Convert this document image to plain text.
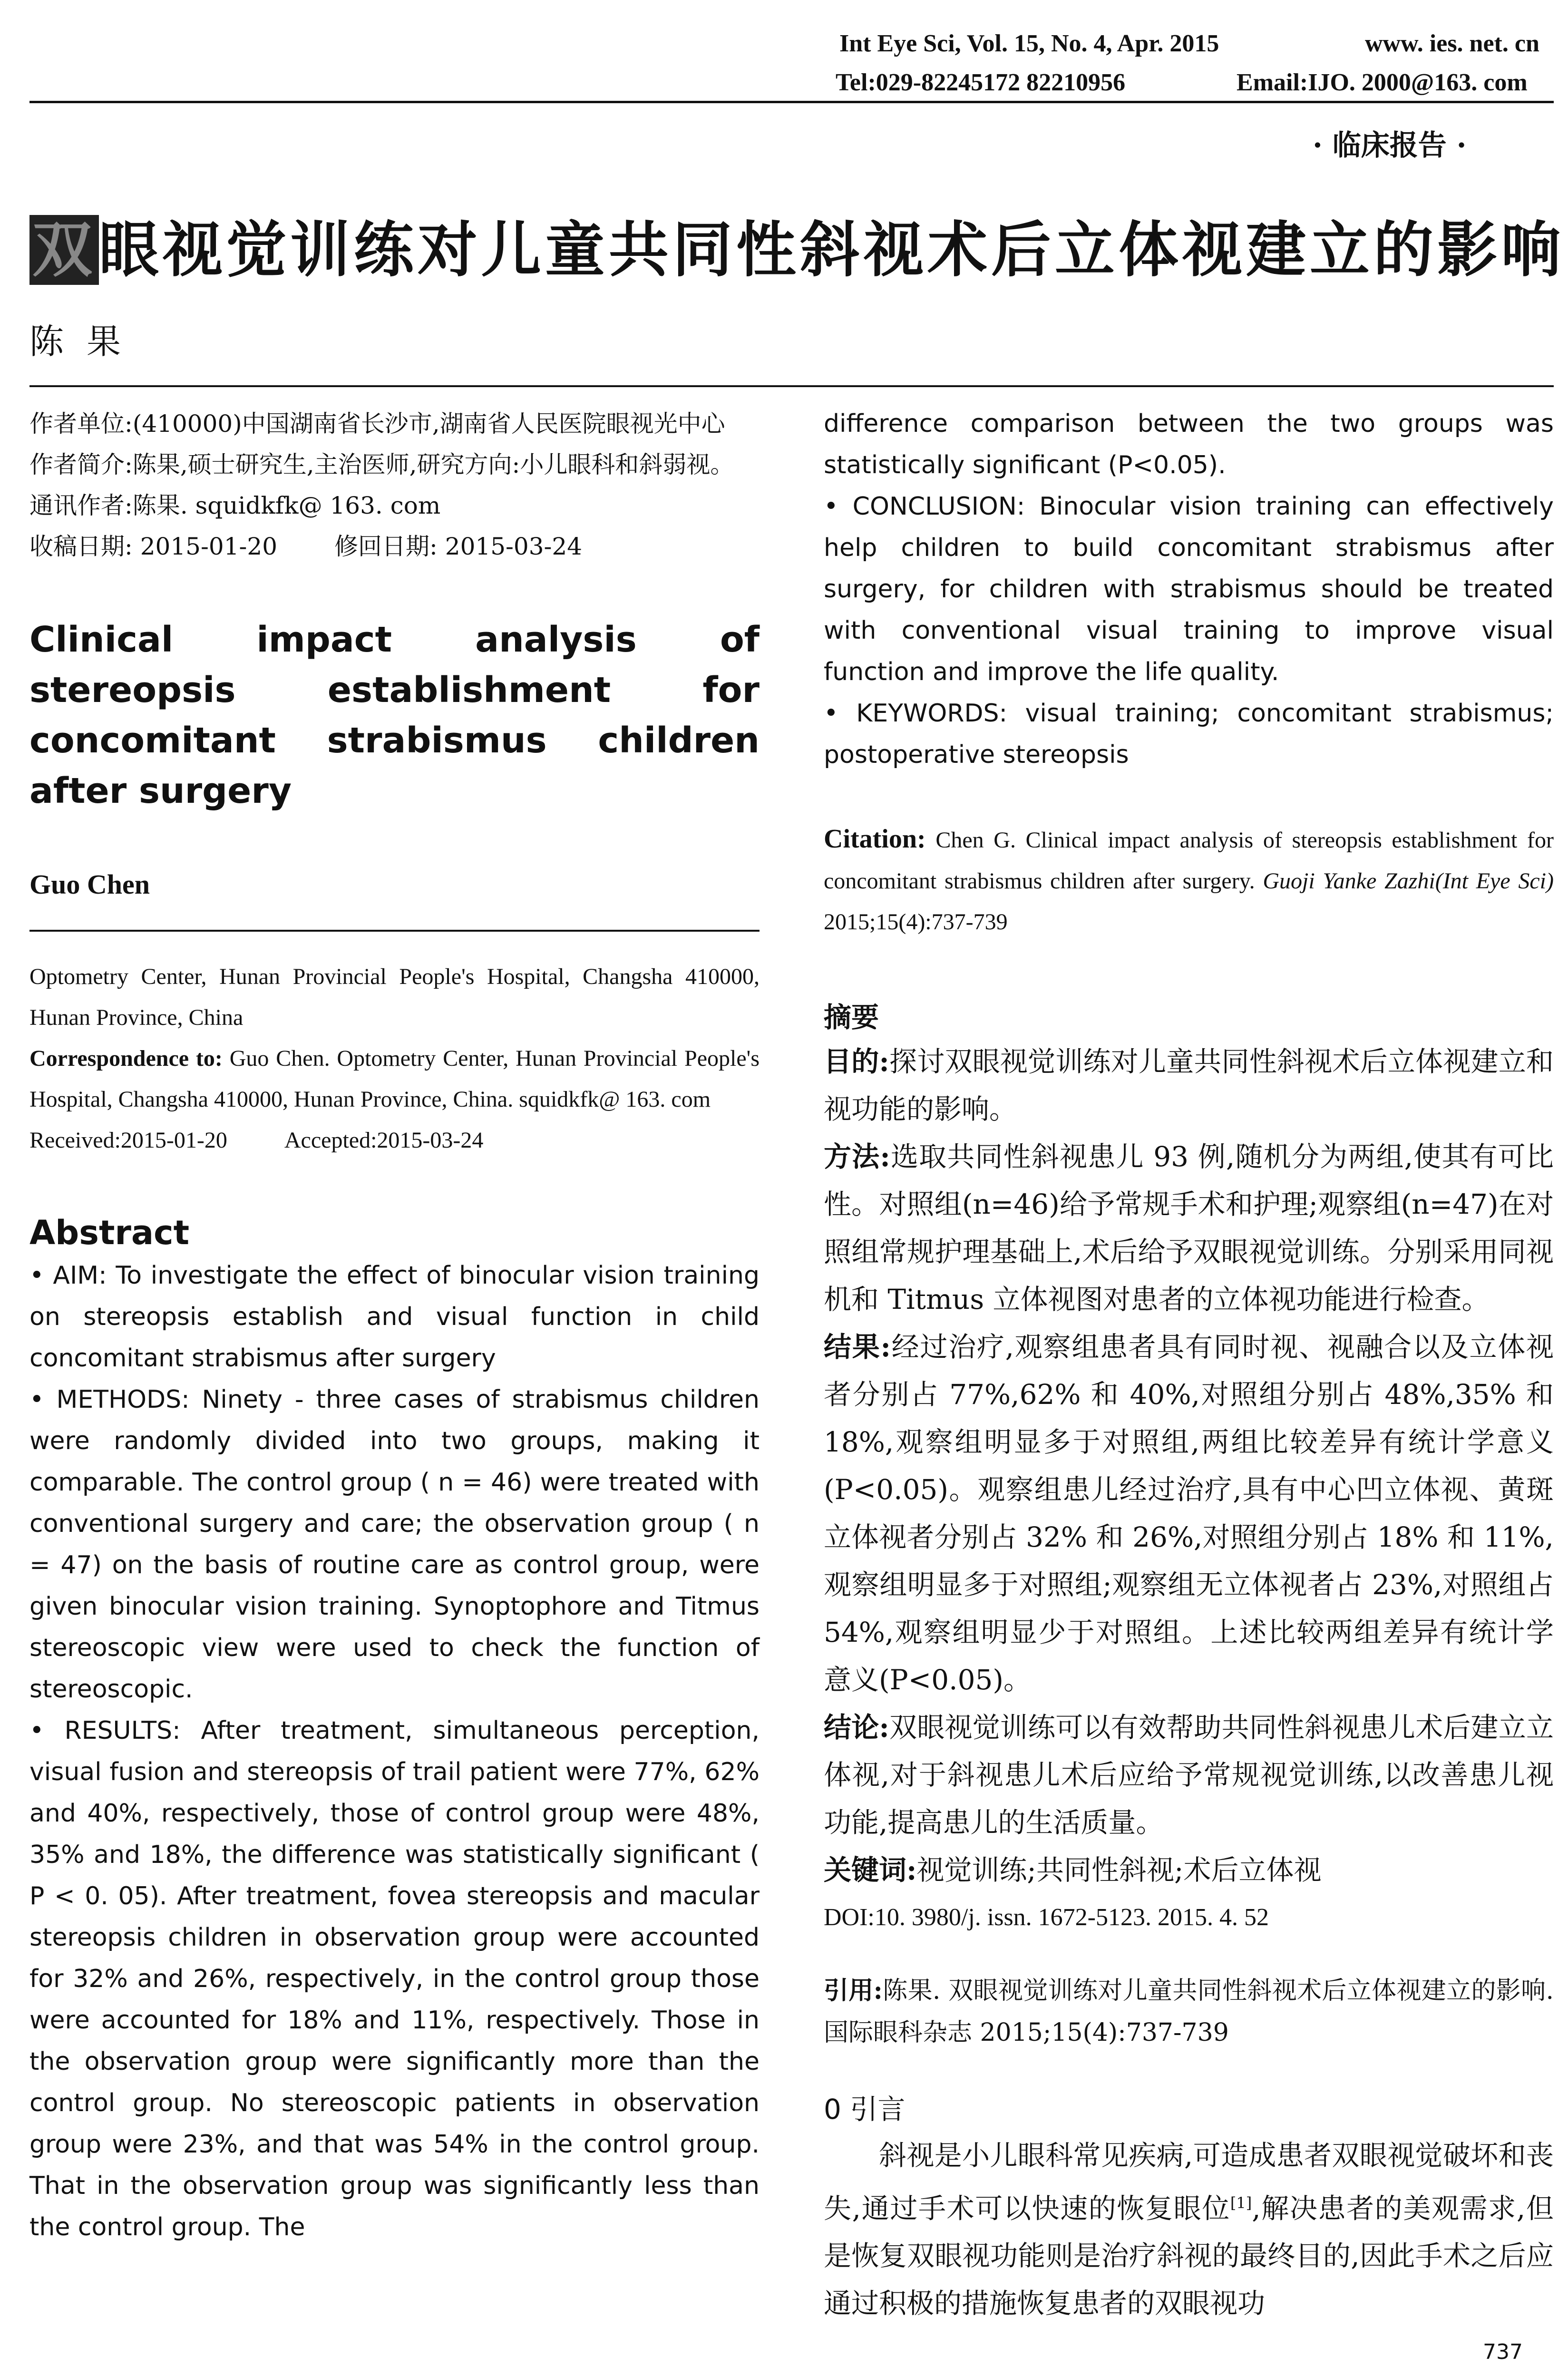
Int Eye Sci, Vol. 15, No. 4, Apr. 2015	www. ies. net. cn
Tel:029-82245172 82210956	Email:IJO. 2000@163. com
· 临床报告 ·
双眼视觉训练对儿童共同性斜视术后立体视建立的影响
陈果

作者单位:(410000)中国湖南省长沙市,湖南省人民医院眼视光中心

作者简介:陈果,硕士研究生,主治医师,研究方向:小儿眼科和斜弱视。

通讯作者:陈果. squidkfk@ 163. com

收稿日期: 2015-01-20 修回日期: 2015-03-24

Clinical impact analysis of stereopsis establishment for concomitant strabismus children after surgery
Guo Chen
Optometry Center, Hunan Provincial People's Hospital, Changsha 410000, Hunan Province, China
Correspondence to: Guo Chen. Optometry Center, Hunan Provincial People's Hospital, Changsha 410000, Hunan Province, China. squidkfk@ 163. com
Received:2015-01-20	Accepted:2015-03-24
Abstract
• AIM: To investigate the effect of binocular vision training on stereopsis establish and visual function in child concomitant strabismus after surgery
• METHODS: Ninety - three cases of strabismus children were randomly divided into two groups, making it comparable. The control group ( n = 46) were treated with conventional surgery and care; the observation group ( n = 47) on the basis of routine care as control group, were given binocular vision training. Synoptophore and Titmus stereoscopic view were used to check the function of stereoscopic.
• RESULTS: After treatment, simultaneous perception, visual fusion and stereopsis of trail patient were 77%, 62% and 40%, respectively, those of control group were 48%, 35% and 18%, the difference was statistically significant ( P < 0. 05). After treatment, fovea stereopsis and macular stereopsis children in observation group were accounted for 32% and 26%, respectively, in the control group those were accounted for 18% and 11%, respectively. Those in the observation group were significantly more than the control group. No stereoscopic patients in observation group were 23%, and that was 54% in the control group. That in the observation group was significantly less than the control group. The
difference comparison between the two groups was statistically significant (P<0.05).
• CONCLUSION: Binocular vision training can effectively help children to build concomitant strabismus after surgery, for children with strabismus should be treated with conventional visual training to improve visual function and improve the life quality.
• KEYWORDS: visual training; concomitant strabismus; postoperative stereopsis
Citation: Chen G. Clinical impact analysis of stereopsis establishment for concomitant strabismus children after surgery. Guoji Yanke Zazhi(Int Eye Sci) 2015;15(4):737-739
摘要
目的:探讨双眼视觉训练对儿童共同性斜视术后立体视建立和视功能的影响。
方法:选取共同性斜视患儿 93 例,随机分为两组,使其有可比性。对照组(n=46)给予常规手术和护理;观察组(n=47)在对照组常规护理基础上,术后给予双眼视觉训练。分别采用同视机和 Titmus 立体视图对患者的立体视功能进行检查。
结果:经过治疗,观察组患者具有同时视、视融合以及立体视者分别占 77%,62% 和 40%,对照组分别占 48%,35% 和 18%,观察组明显多于对照组,两组比较差异有统计学意义(P<0.05)。观察组患儿经过治疗,具有中心凹立体视、黄斑立体视者分别占 32% 和 26%,对照组分别占 18% 和 11%,观察组明显多于对照组;观察组无立体视者占 23%,对照组占 54%,观察组明显少于对照组。上述比较两组差异有统计学意义(P<0.05)。
结论:双眼视觉训练可以有效帮助共同性斜视患儿术后建立立体视,对于斜视患儿术后应给予常规视觉训练,以改善患儿视功能,提高患儿的生活质量。
关键词:视觉训练;共同性斜视;术后立体视
DOI:10. 3980/j. issn. 1672-5123. 2015. 4. 52
引用:陈果. 双眼视觉训练对儿童共同性斜视术后立体视建立的影响. 国际眼科杂志 2015;15(4):737-739
0 引言
斜视是小儿眼科常见疾病,可造成患者双眼视觉破坏和丧失,通过手术可以快速的恢复眼位[1],解决患者的美观需求,但是恢复双眼视功能则是治疗斜视的最终目的,因此手术之后应通过积极的措施恢复患者的双眼视功
737
